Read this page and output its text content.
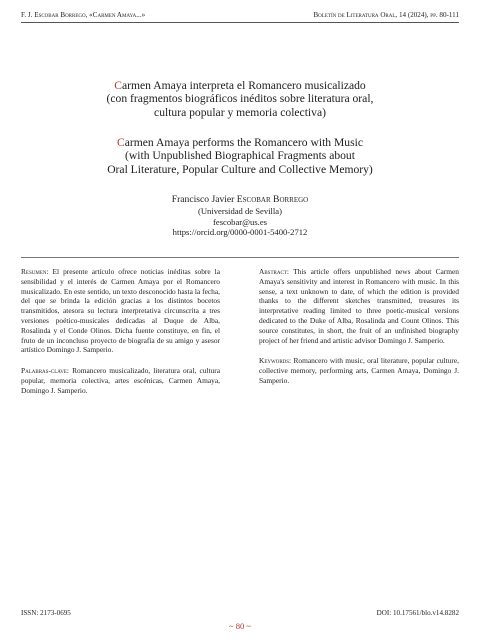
F. J. Escobar Borrego, «Carmen Amaya...»	Boletín de Literatura Oral, 14 (2024), pp. 80-111
Carmen Amaya interpreta el Romancero musicalizado
(con fragmentos biográficos inéditos sobre literatura oral,
cultura popular y memoria colectiva)
Carmen Amaya performs the Romancero with Music
(with Unpublished Biographical Fragments about
Oral Literature, Popular Culture and Collective Memory)
Francisco Javier Escobar Borrego
(Universidad de Sevilla)
fescobar@us.es
https://orcid.org/0000-0001-5400-2712

Resumen: El presente artículo ofrece noticias inéditas sobre la sensibilidad y el interés de Carmen Amaya por el Romancero musicalizado. En este sentido, un texto desconocido hasta la fecha, del que se brinda la edición gracias a los distintos bocetos transmitidos, atesora su lectura interpretativa circunscrita a tres versiones poético-musicales dedicadas al Duque de Alba, Rosalinda y el Conde Olinos. Dicha fuente constituye, en fin, el fruto de un inconcluso proyecto de biografía de su amigo y asesor artístico Domingo J. Samperio.

Palabras-clave: Romancero musicalizado, literatura oral, cultura popular, memoria colectiva, artes escénicas, Carmen Amaya, Domingo J. Samperio.

Abstract: This article offers unpublished news about Carmen Amaya's sensitivity and interest in Romancero with music. In this sense, a text unknown to date, of which the edition is provided thanks to the different sketches transmitted, treasures its interpretative reading limited to three poetic-musical versions dedicated to the Duke of Alba, Rosalinda and Count Olinos. This source constitutes, in short, the fruit of an unfinished biography project of her friend and artistic advisor Domingo J. Samperio.

Keywords: Romancero with music, oral literature, popular culture, collective memory, performing arts, Carmen Amaya, Domingo J. Samperio.

ISSN: 2173-0695	DOI: 10.17561/blo.v14.8282
~ 80 ~
